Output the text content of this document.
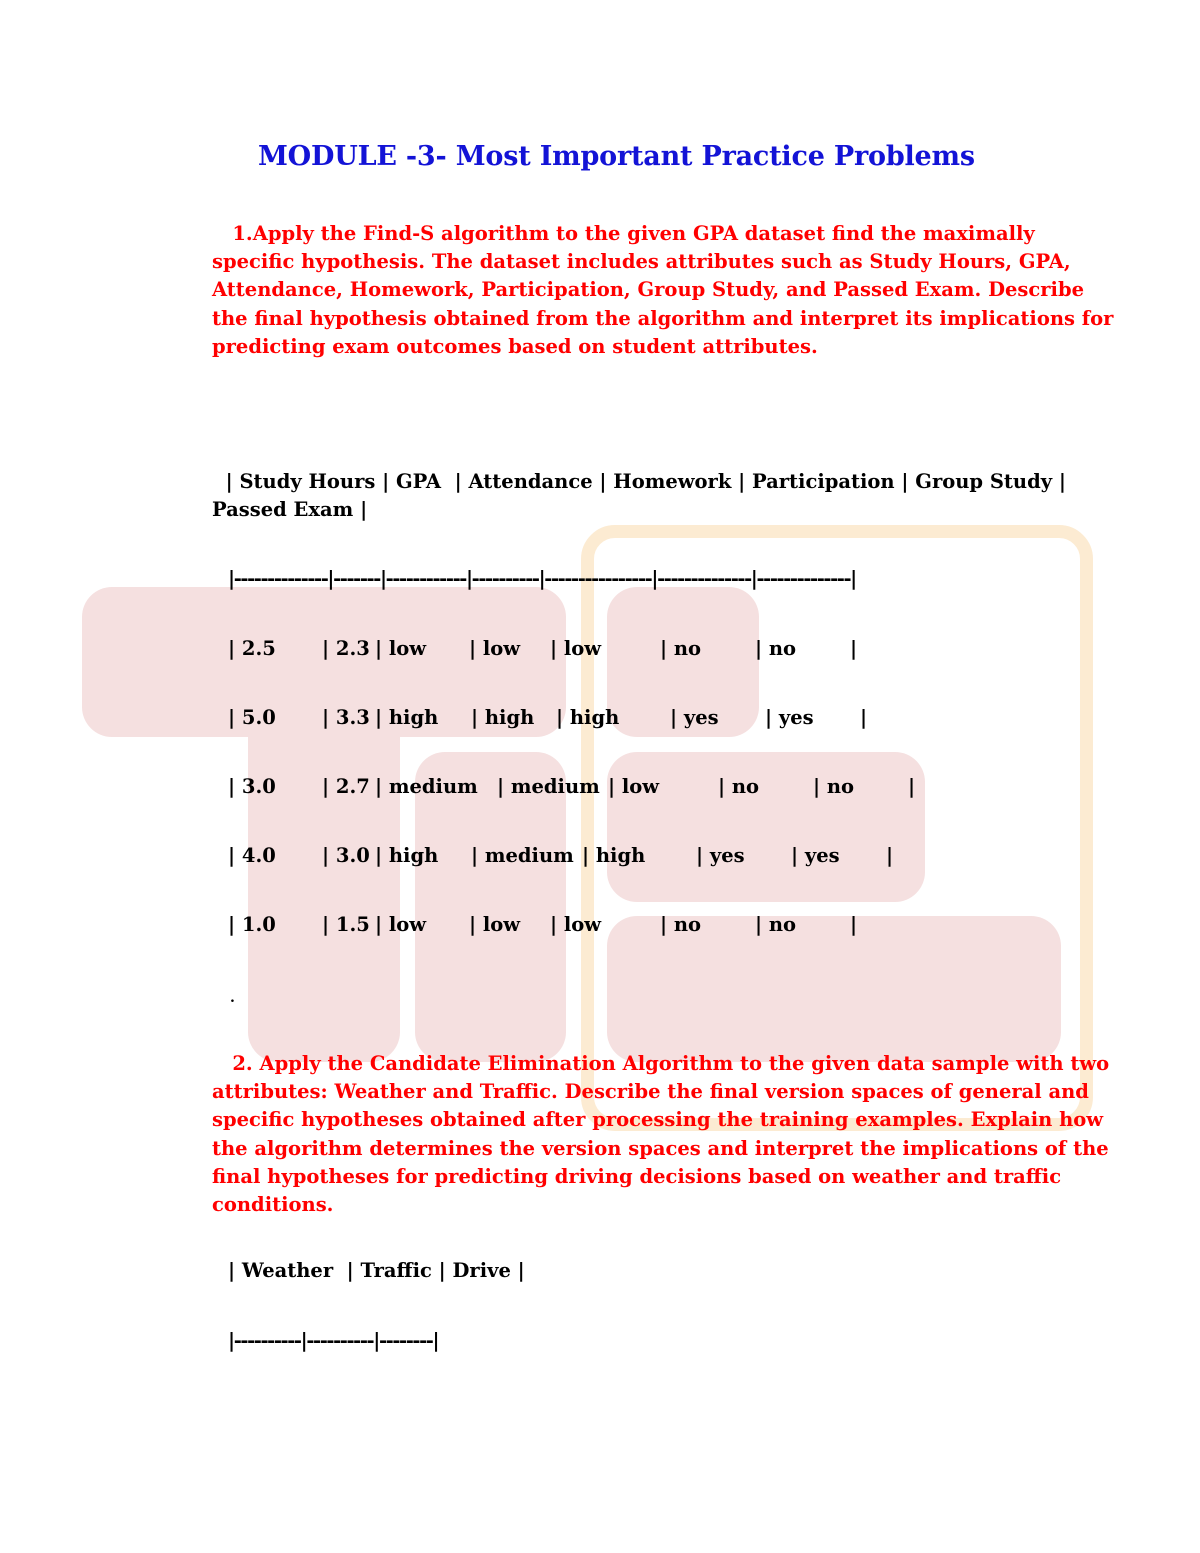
MODULE -3- Most Important Practice Problems
1.Apply the Find-S algorithm to the given GPA dataset find the maximally
specific hypothesis. The dataset includes attributes such as Study Hours, GPA,
Attendance, Homework, Participation, Group Study, and Passed Exam. Describe
the final hypothesis obtained from the algorithm and interpret its implications for
predicting exam outcomes based on student attributes.
| Study Hours | GPA  | Attendance | Homework | Participation | Group Study |
Passed Exam |
|--------------|-------|------------|----------|----------------|--------------|--------------|
| 2.5 | 2.3 | low | low | low	| no	| no	|
| 5.0 | 3.3 | high | high | high	| yes | yes |
| 3.0 | 2.7 | medium | medium | low	| no	| no	|
| 4.0 | 3.0 | high | medium | high	| yes | yes |
| 1.0 | 1.5 | low | low | low	| no	| no	|
.
2. Apply the Candidate Elimination Algorithm to the given data sample with two
attributes: Weather and Traffic. Describe the final version spaces of general and
specific hypotheses obtained after processing the training examples. Explain how
the algorithm determines the version spaces and interpret the implications of the
final hypotheses for predicting driving decisions based on weather and traffic
conditions.
| Weather  | Traffic | Drive |
|----------|----------|--------|
